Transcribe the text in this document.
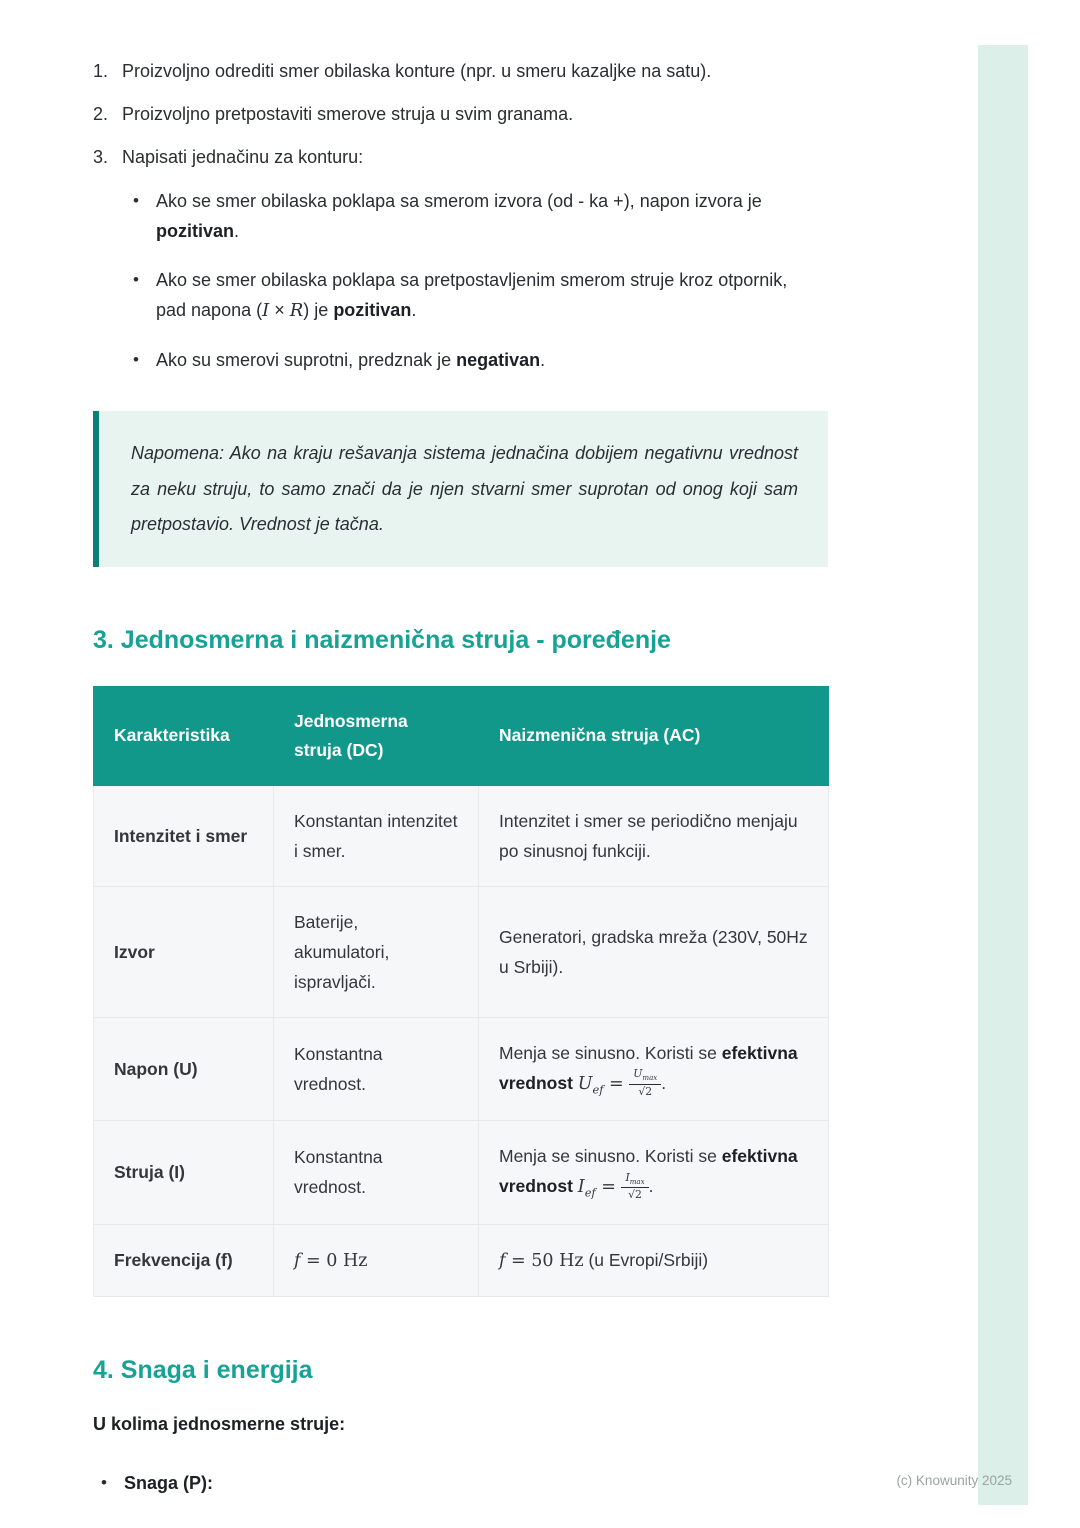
1. Proizvoljno odrediti smer obilaska konture (npr. u smeru kazaljke na satu).
2. Proizvoljno pretpostaviti smerove struja u svim granama.
3. Napisati jednačinu za konturu:
• Ako se smer obilaska poklapa sa smerom izvora (od - ka +), napon izvora je pozitivan.
• Ako se smer obilaska poklapa sa pretpostavljenim smerom struje kroz otpornik, pad napona (I × R) je pozitivan.
• Ako su smerovi suprotni, predznak je negativan.

Napomena: Ako na kraju rešavanja sistema jednačina dobijem negativnu vrednost za neku struju, to samo znači da je njen stvarni smer suprotan od onog koji sam pretpostavio. Vrednost je tačna.

3. Jednosmerna i naizmenična struja - poređenje
Karakteristika	Jednosmerna struja (DC)	Naizmenična struja (AC)
Intenzitet i smer	Konstantan intenzitet i smer.	Intenzitet i smer se periodično menjaju po sinusnoj funkciji.
Izvor	Baterije, akumulatori, ispravljači.	Generatori, gradska mreža (230V, 50Hz u Srbiji).
Napon (U)	Konstantna vrednost.	Menja se sinusno. Koristi se efektivna vrednost $U_{ef} = \frac{U_{max}}{√2}$ .
Struja (I)	Konstantna vrednost.	Menja se sinusno. Koristi se efektivna vrednost $I_{ef} = \frac{I_{max}}{√2}$ .
Frekvencija (f)	f = 0 Hz	f = 50 Hz (u Evropi/Srbiji)
4. Snaga i energija

U kolima jednosmerne struje:

• Snaga (P):	(c) Knowunity 2025
